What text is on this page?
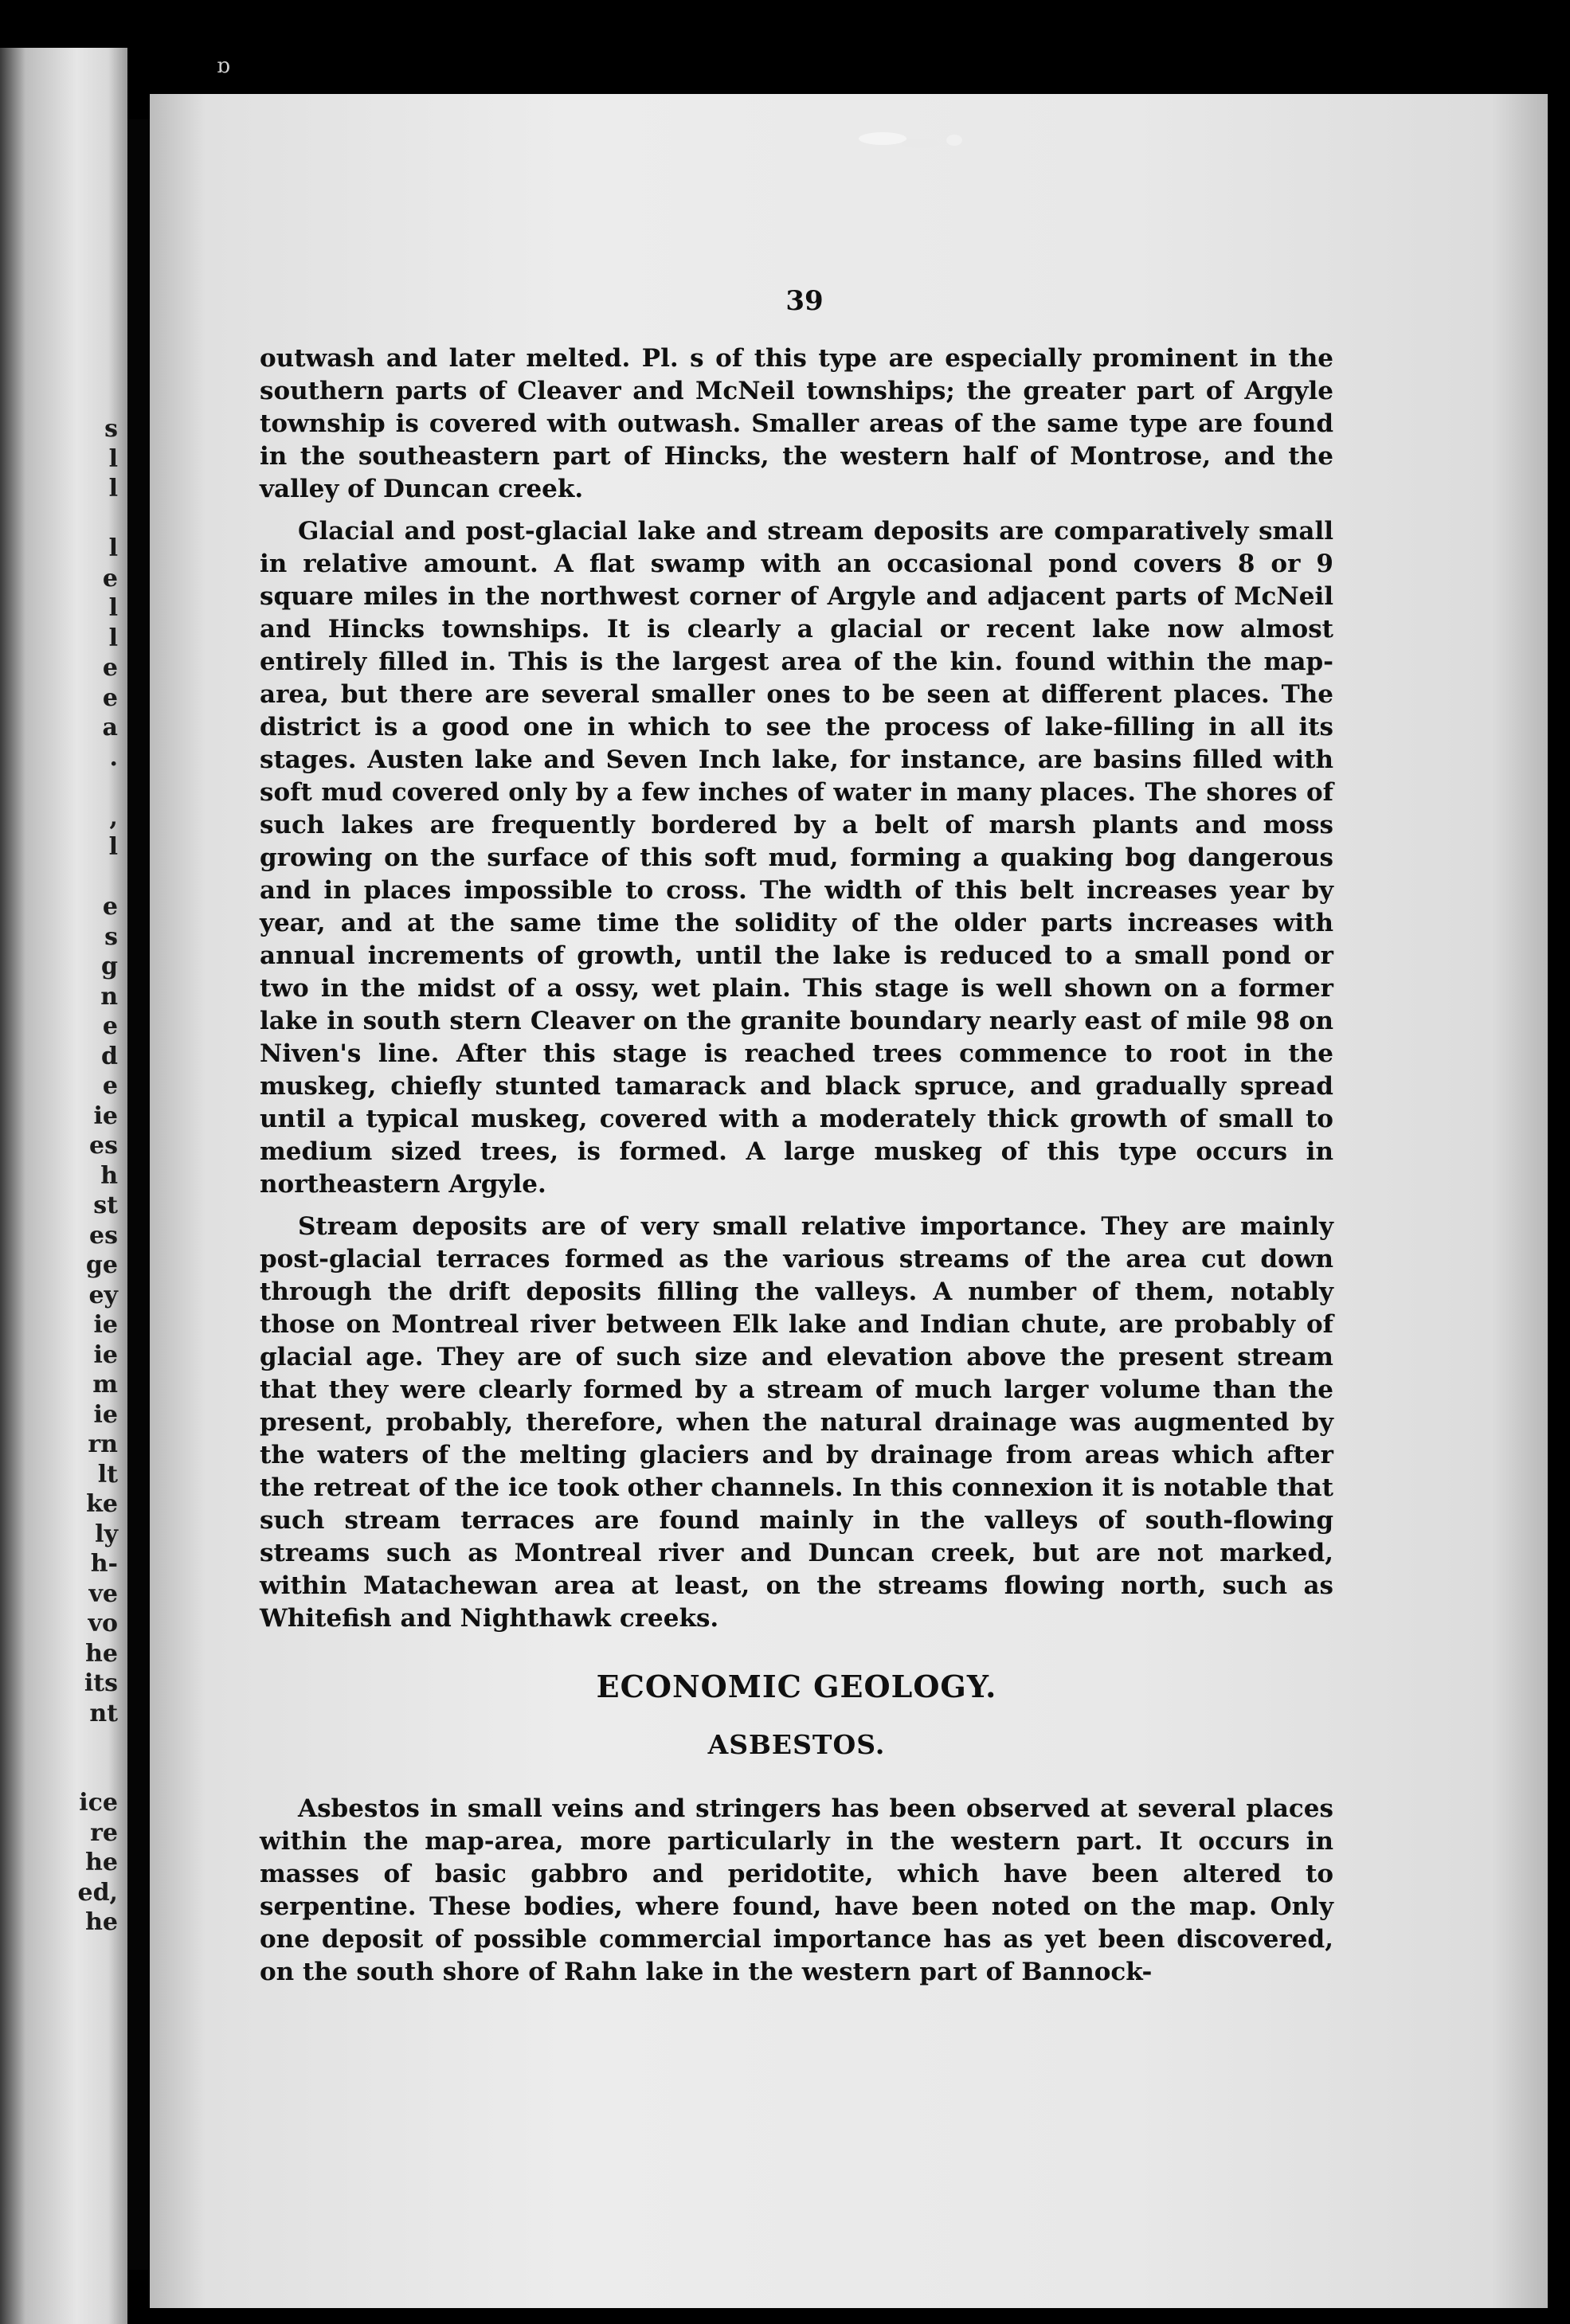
s
l
l

l
e
l
l
e
e
a
.

,
l

e
s
g
n
e
d
e
ie
es
h
st
es
ge
ey
ie
ie
m
ie
rn
lt
ke
ly
h-
ve
vo
he
its
nt

ice
re
he
ed,
he
ɒ
39

outwash and later melted. Pl. s of this type are especially prominent in the southern parts of Cleaver and McNeil townships; the greater part of Argyle township is covered with outwash. Smaller areas of the same type are found in the southeastern part of Hincks, the western half of Montrose, and the valley of Duncan creek.

Glacial and post-glacial lake and stream deposits are comparatively small in relative amount. A flat swamp with an occasional pond covers 8 or 9 square miles in the northwest corner of Argyle and adjacent parts of McNeil and Hincks townships. It is clearly a glacial or recent lake now almost entirely filled in. This is the largest area of the kin. found within the map-area, but there are several smaller ones to be seen at different places. The district is a good one in which to see the process of lake-filling in all its stages. Austen lake and Seven Inch lake, for instance, are basins filled with soft mud covered only by a few inches of water in many places. The shores of such lakes are frequently bordered by a belt of marsh plants and moss growing on the surface of this soft mud, forming a quaking bog dangerous and in places impossible to cross. The width of this belt increases year by year, and at the same time the solidity of the older parts increases with annual increments of growth, until the lake is reduced to a small pond or two in the midst of a ossy, wet plain. This stage is well shown on a former lake in south stern Cleaver on the granite boundary nearly east of mile 98 on Niven's line. After this stage is reached trees commence to root in the muskeg, chiefly stunted tamarack and black spruce, and gradually spread until a typical muskeg, covered with a moderately thick growth of small to medium sized trees, is formed. A large muskeg of this type occurs in northeastern Argyle.

Stream deposits are of very small relative importance. They are mainly post-glacial terraces formed as the various streams of the area cut down through the drift deposits filling the valleys. A number of them, notably those on Montreal river between Elk lake and Indian chute, are probably of glacial age. They are of such size and elevation above the present stream that they were clearly formed by a stream of much larger volume than the present, probably, therefore, when the natural drainage was augmented by the waters of the melting glaciers and by drainage from areas which after the retreat of the ice took other channels. In this connexion it is notable that such stream terraces are found mainly in the valleys of south-flowing streams such as Montreal river and Duncan creek, but are not marked, within Matachewan area at least, on the streams flowing north, such as Whitefish and Nighthawk creeks.

ECONOMIC GEOLOGY.
ASBESTOS.

Asbestos in small veins and stringers has been observed at several places within the map-area, more particularly in the western part. It occurs in masses of basic gabbro and peridotite, which have been altered to serpentine. These bodies, where found, have been noted on the map. Only one deposit of possible commercial importance has as yet been discovered, on the south shore of Rahn lake in the western part of Bannock-
